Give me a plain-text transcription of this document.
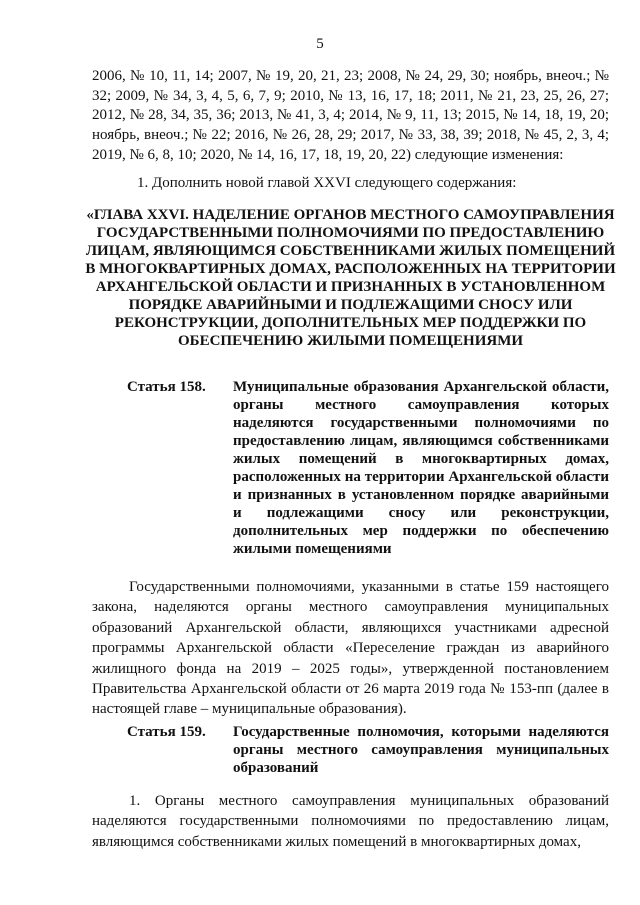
5
2006, № 10, 11, 14; 2007, № 19, 20, 21, 23; 2008, № 24, 29, 30; ноябрь, внеоч.; № 32; 2009, № 34, 3, 4, 5, 6, 7, 9; 2010, № 13, 16, 17, 18; 2011, № 21, 23, 25, 26, 27; 2012, № 28, 34, 35, 36; 2013, № 41, 3, 4; 2014, № 9, 11, 13; 2015, № 14, 18, 19, 20; ноябрь, внеоч.; № 22; 2016, № 26, 28, 29; 2017, № 33, 38, 39; 2018, № 45, 2, 3, 4; 2019, № 6, 8, 10; 2020, № 14, 16, 17, 18, 19, 20, 22) следующие изменения:
1. Дополнить новой главой XXVI следующего содержания:
«ГЛАВА XXVI. НАДЕЛЕНИЕ ОРГАНОВ МЕСТНОГО САМОУПРАВЛЕНИЯ ГОСУДАРСТВЕННЫМИ ПОЛНОМОЧИЯМИ ПО ПРЕДОСТАВЛЕНИЮ ЛИЦАМ, ЯВЛЯЮЩИМСЯ СОБСТВЕННИКАМИ ЖИЛЫХ ПОМЕЩЕНИЙ В МНОГОКВАРТИРНЫХ ДОМАХ, РАСПОЛОЖЕННЫХ НА ТЕРРИТОРИИ АРХАНГЕЛЬСКОЙ ОБЛАСТИ И ПРИЗНАННЫХ В УСТАНОВЛЕННОМ ПОРЯДКЕ АВАРИЙНЫМИ И ПОДЛЕЖАЩИМИ СНОСУ ИЛИ РЕКОНСТРУКЦИИ, ДОПОЛНИТЕЛЬНЫХ МЕР ПОДДЕРЖКИ ПО ОБЕСПЕЧЕНИЮ ЖИЛЫМИ ПОМЕЩЕНИЯМИ
Статья 158. Муниципальные образования Архангельской области, органы местного самоуправления которых наделяются государственными полномочиями по предоставлению лицам, являющимся собственниками жилых помещений в многоквартирных домах, расположенных на территории Архангельской области и признанных в установленном порядке аварийными и подлежащими сносу или реконструкции, дополнительных мер поддержки по обеспечению жилыми помещениями

Государственными полномочиями, указанными в статье 159 настоящего закона, наделяются органы местного самоуправления муниципальных образований Архангельской области, являющихся участниками адресной программы Архангельской области «Переселение граждан из аварийного жилищного фонда на 2019 – 2025 годы», утвержденной постановлением Правительства Архангельской области от 26 марта 2019 года № 153-пп (далее в настоящей главе – муниципальные образования).
Статья 159. Государственные полномочия, которыми наделяются органы местного самоуправления муниципальных образований

1. Органы местного самоуправления муниципальных образований наделяются государственными полномочиями по предоставлению лицам, являющимся собственниками жилых помещений в многоквартирных домах,
